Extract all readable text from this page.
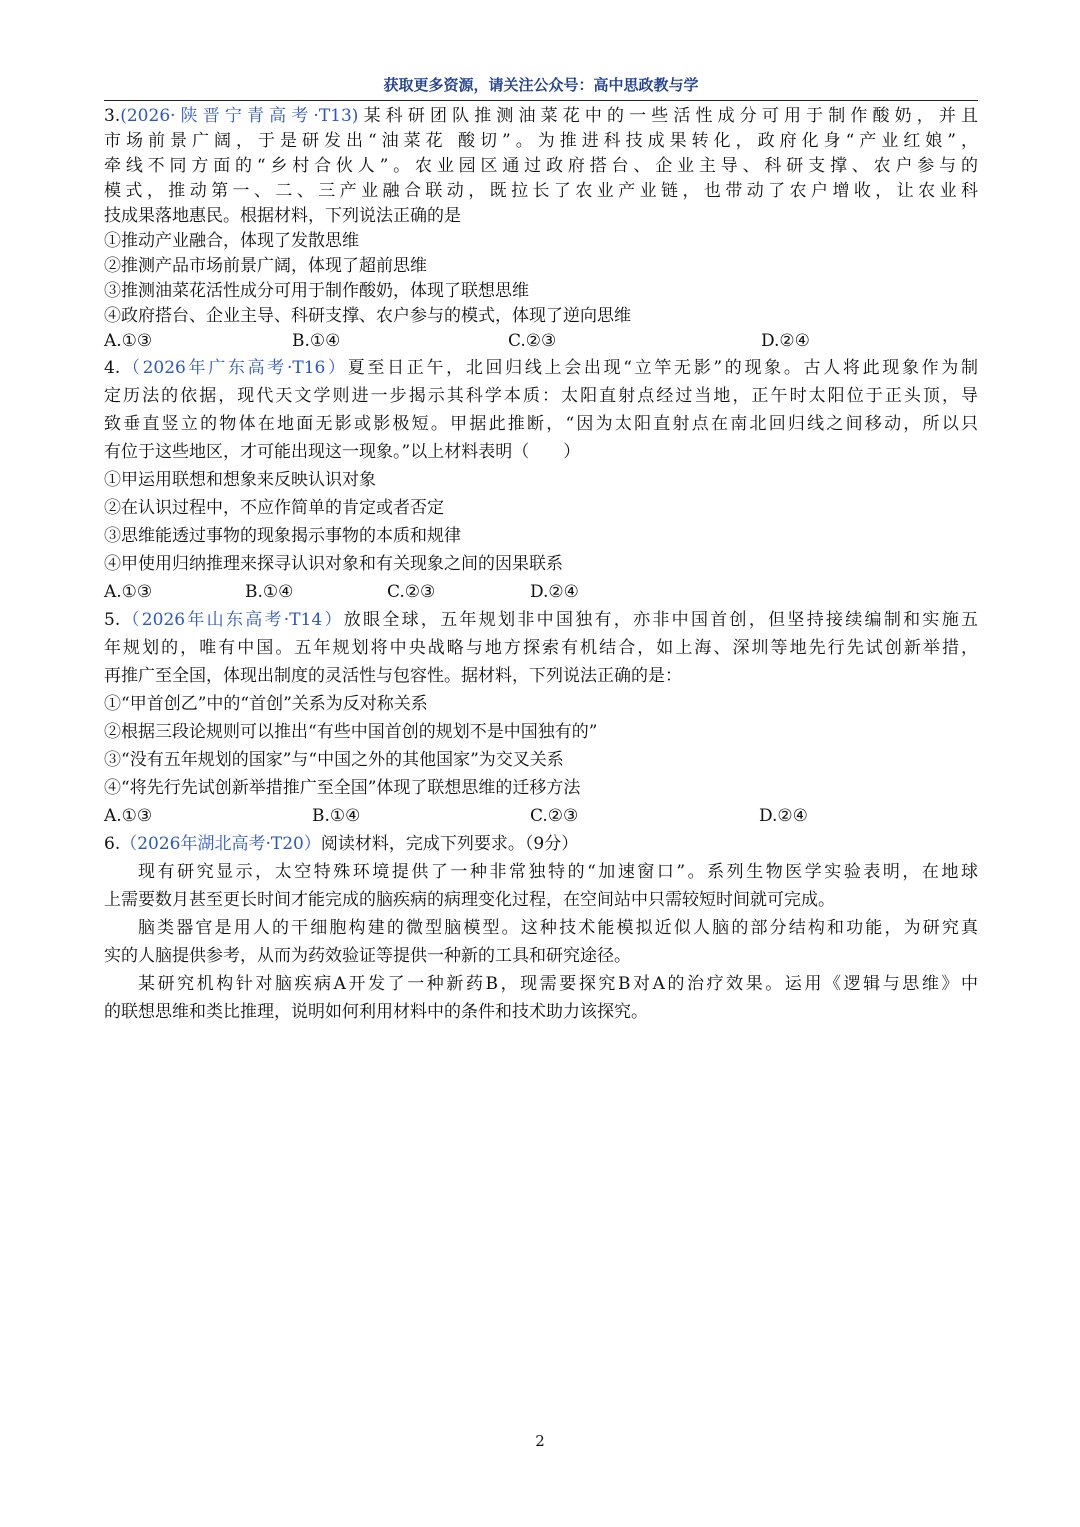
获取更多资源，请关注公众号：高中思政教与学
3.(2026·陕晋宁青高考·T13)某科研团队推测油菜花中的一些活性成分可用于制作酸奶，并且
市场前景广阔，于是研发出“油菜花 酸切”。为推进科技成果转化，政府化身“产业红娘”，
牵线不同方面的“乡村合伙人”。农业园区通过政府搭台、企业主导、科研支撑、农户参与的
模式，推动第一、二、三产业融合联动，既拉长了农业产业链，也带动了农户增收，让农业科
技成果落地惠民。根据材料，下列说法正确的是
①推动产业融合，体现了发散思维
②推测产品市场前景广阔，体现了超前思维
③推测油菜花活性成分可用于制作酸奶，体现了联想思维
④政府搭台、企业主导、科研支撑、农户参与的模式，体现了逆向思维
A.①③	B.①④	C.②③	D.②④
4.（2026年广东高考·T16）夏至日正午，北回归线上会出现“立竿无影”的现象。古人将此现象作为制
定历法的依据，现代天文学则进一步揭示其科学本质：太阳直射点经过当地，正午时太阳位于正头顶，导
致垂直竖立的物体在地面无影或影极短。甲据此推断，“因为太阳直射点在南北回归线之间移动，所以只
有位于这些地区，才可能出现这一现象。”以上材料表明（　　）
①甲运用联想和想象来反映认识对象
②在认识过程中，不应作简单的肯定或者否定
③思维能透过事物的现象揭示事物的本质和规律
④甲使用归纳推理来探寻认识对象和有关现象之间的因果联系
A.①③	B.①④	C.②③	D.②④
5.（2026年山东高考·T14）放眼全球，五年规划非中国独有，亦非中国首创，但坚持接续编制和实施五
年规划的，唯有中国。五年规划将中央战略与地方探索有机结合，如上海、深圳等地先行先试创新举措，
再推广至全国，体现出制度的灵活性与包容性。据材料，下列说法正确的是：
①“甲首创乙”中的“首创”关系为反对称关系
②根据三段论规则可以推出“有些中国首创的规划不是中国独有的”
③“没有五年规划的国家”与“中国之外的其他国家”为交叉关系
④“将先行先试创新举措推广至全国”体现了联想思维的迁移方法
A.①③	B.①④	C.②③	D.②④
6.（2026年湖北高考·T20）阅读材料，完成下列要求。（9分）
现有研究显示，太空特殊环境提供了一种非常独特的“加速窗口”。系列生物医学实验表明，在地球
上需要数月甚至更长时间才能完成的脑疾病的病理变化过程，在空间站中只需较短时间就可完成。
脑类器官是用人的干细胞构建的微型脑模型。这种技术能模拟近似人脑的部分结构和功能，为研究真
实的人脑提供参考，从而为药效验证等提供一种新的工具和研究途径。
某研究机构针对脑疾病A开发了一种新药B，现需要探究B对A的治疗效果。运用《逻辑与思维》中
的联想思维和类比推理，说明如何利用材料中的条件和技术助力该探究。
2
